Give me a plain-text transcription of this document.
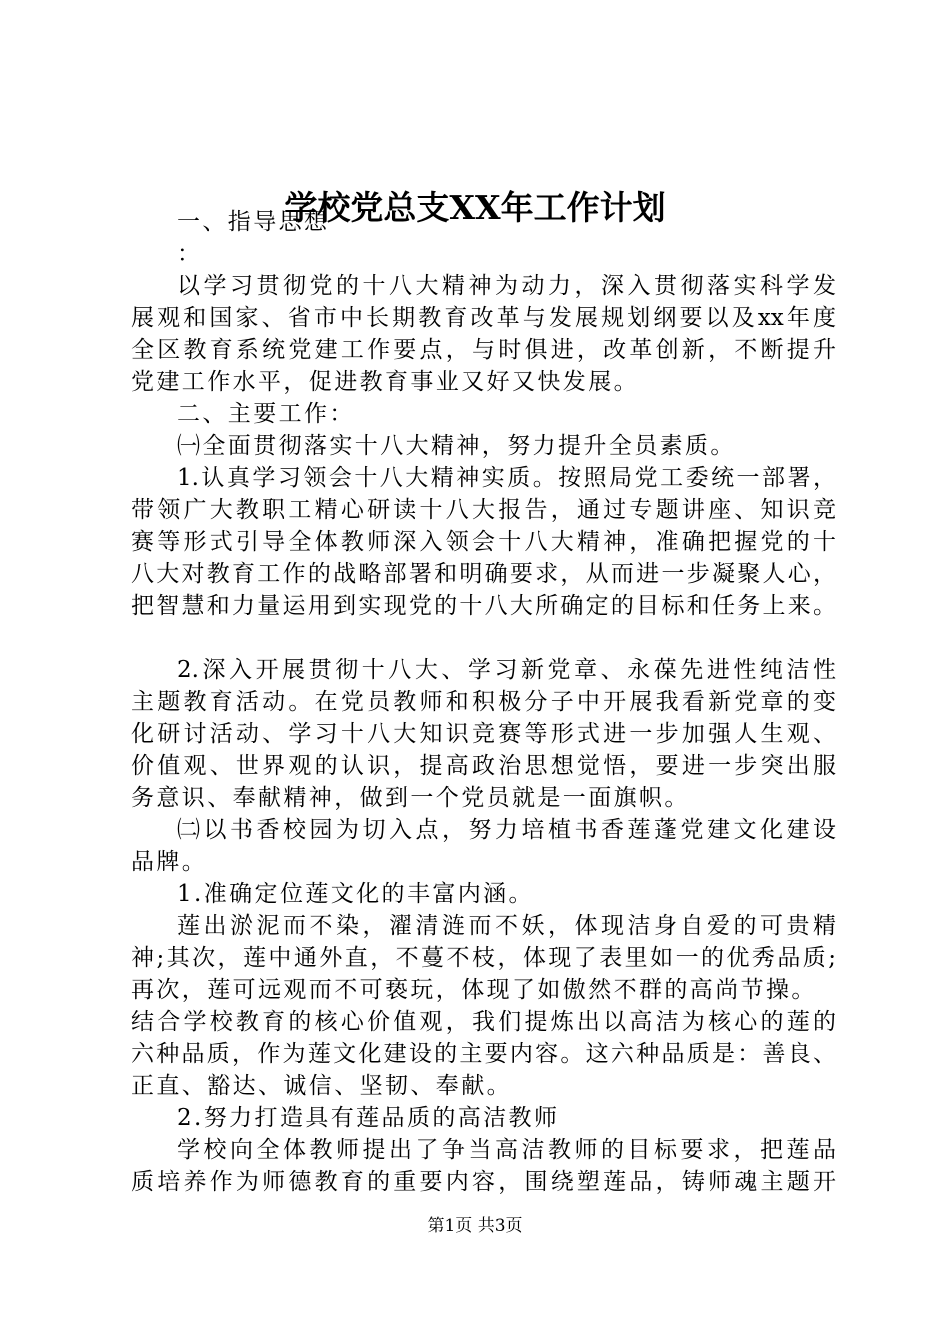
学校党总支XX年工作计划
一、指导思想
：
以学习贯彻党的十八大精神为动力，深入贯彻落实科学发
展观和国家、省市中长期教育改革与发展规划纲要以及xx年度
全区教育系统党建工作要点，与时俱进，改革创新，不断提升
党建工作水平，促进教育事业又好又快发展。
二、主要工作：
㈠全面贯彻落实十八大精神，努力提升全员素质。
1.认真学习领会十八大精神实质。按照局党工委统一部署，
带领广大教职工精心研读十八大报告，通过专题讲座、知识竞
赛等形式引导全体教师深入领会十八大精神，准确把握党的十
八大对教育工作的战略部署和明确要求，从而进一步凝聚人心，
把智慧和力量运用到实现党的十八大所确定的目标和任务上来。
2.深入开展贯彻十八大、学习新党章、永葆先进性纯洁性
主题教育活动。在党员教师和积极分子中开展我看新党章的变
化研讨活动、学习十八大知识竞赛等形式进一步加强人生观、
价值观、世界观的认识，提高政治思想觉悟，要进一步突出服
务意识、奉献精神，做到一个党员就是一面旗帜。
㈡以书香校园为切入点，努力培植书香莲蓬党建文化建设
品牌。
1.准确定位莲文化的丰富内涵。
莲出淤泥而不染，濯清涟而不妖，体现洁身自爱的可贵精
神;其次，莲中通外直，不蔓不枝，体现了表里如一的优秀品质;
再次，莲可远观而不可亵玩，体现了如傲然不群的高尚节操。
结合学校教育的核心价值观，我们提炼出以高洁为核心的莲的
六种品质，作为莲文化建设的主要内容。这六种品质是：善良、
正直、豁达、诚信、坚韧、奉献。
2.努力打造具有莲品质的高洁教师
学校向全体教师提出了争当高洁教师的目标要求，把莲品
质培养作为师德教育的重要内容，围绕塑莲品，铸师魂主题开
第1页 共3页
